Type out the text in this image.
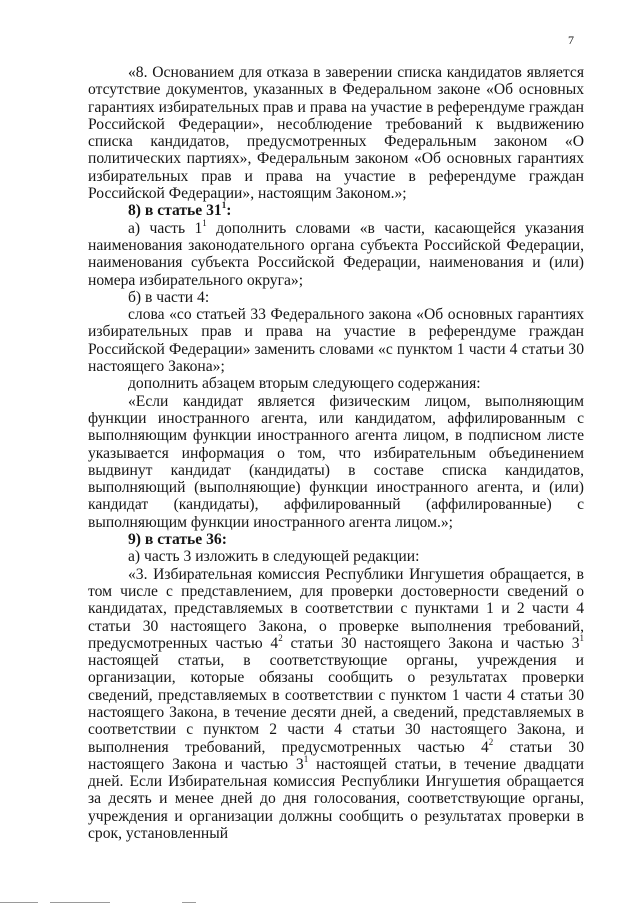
7

«8. Основанием для отказа в заверении списка кандидатов является отсутствие документов, указанных в Федеральном законе «Об основных гарантиях избирательных прав и права на участие в референдуме граждан Российской Федерации», несоблюдение требований к выдвижению списка кандидатов, предусмотренных Федеральным законом «О политических партиях», Федеральным законом «Об основных гарантиях избирательных прав и права на участие в референдуме граждан Российской Федерации», настоящим Законом.»;

8) в статье $31^1$:

а) часть $1^1$ дополнить словами «в части, касающейся указания наименования законодательного органа субъекта Российской Федерации, наименования субъекта Российской Федерации, наименования и (или) номера избирательного округа»;

б) в части 4:

слова «со статьей 33 Федерального закона «Об основных гарантиях избирательных прав и права на участие в референдуме граждан Российской Федерации» заменить словами «с пунктом 1 части 4 статьи 30 настоящего Закона»;

дополнить абзацем вторым следующего содержания:

«Если кандидат является физическим лицом, выполняющим функции иностранного агента, или кандидатом, аффилированным с выполняющим функции иностранного агента лицом, в подписном листе указывается информация о том, что избирательным объединением выдвинут кандидат (кандидаты) в составе списка кандидатов, выполняющий (выполняющие) функции иностранного агента, и (или) кандидат (кандидаты), аффилированный (аффилированные) с выполняющим функции иностранного агента лицом.»;

9) в статье 36:

а) часть 3 изложить в следующей редакции:

«3. Избирательная комиссия Республики Ингушетия обращается, в том числе с представлением, для проверки достоверности сведений о кандидатах, представляемых в соответствии с пунктами 1 и 2 части 4 статьи 30 настоящего Закона, о проверке выполнения требований, предусмотренных частью $4^2$ статьи 30 настоящего Закона и частью $3^1$ настоящей статьи, в соответствующие органы, учреждения и организации, которые обязаны сообщить о результатах проверки сведений, представляемых в соответствии с пунктом 1 части 4 статьи 30 настоящего Закона, в течение десяти дней, а сведений, представляемых в соответствии с пунктом 2 части 4 статьи 30 настоящего Закона, и выполнения требований, предусмотренных частью $4^2$ статьи 30 настоящего Закона и частью $3^1$ настоящей статьи, в течение двадцати дней. Если Избирательная комиссия Республики Ингушетия обращается за десять и менее дней до дня голосования, соответствующие органы, учреждения и организации должны сообщить о результатах проверки в срок, установленный
